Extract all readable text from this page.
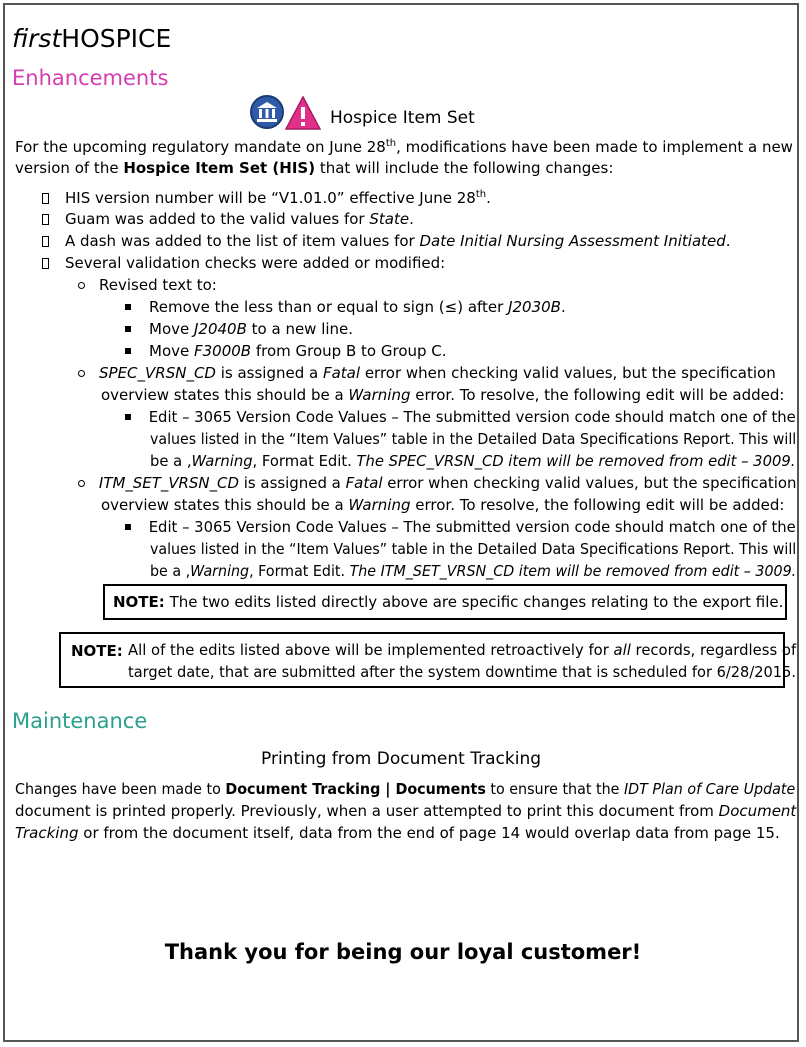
firstHOSPICE
Enhancements
Hospice Item Set
For the upcoming regulatory mandate on June 28th, modifications have been made to implement a new
version of the Hospice Item Set (HIS) that will include the following changes:
HIS version number will be “V1.01.0” effective June 28th.
Guam was added to the valid values for State.
A dash was added to the list of item values for Date Initial Nursing Assessment Initiated.
Several validation checks were added or modified:
Revised text to:
Remove the less than or equal to sign (≤) after J2030B.
Move J2040B to a new line.
Move F3000B from Group B to Group C.
SPEC_VRSN_CD is assigned a Fatal error when checking valid values, but the specification
overview states this should be a Warning error. To resolve, the following edit will be added:
Edit – 3065 Version Code Values – The submitted version code should match one of the
values listed in the “Item Values” table in the Detailed Data Specifications Report. This will
be a ,Warning, Format Edit. The SPEC_VRSN_CD item will be removed from edit – 3009.
ITM_SET_VRSN_CD is assigned a Fatal error when checking valid values, but the specification
overview states this should be a Warning error. To resolve, the following edit will be added:
Edit – 3065 Version Code Values – The submitted version code should match one of the
values listed in the “Item Values” table in the Detailed Data Specifications Report. This will
be a ,Warning, Format Edit. The ITM_SET_VRSN_CD item will be removed from edit – 3009.
NOTE: The two edits listed directly above are specific changes relating to the export file.
NOTE: All of the edits listed above will be implemented retroactively for all records, regardless of
target date, that are submitted after the system downtime that is scheduled for 6/28/2015.
Maintenance
Printing from Document Tracking
Changes have been made to Document Tracking | Documents to ensure that the IDT Plan of Care Update
document is printed properly. Previously, when a user attempted to print this document from Document
Tracking or from the document itself, data from the end of page 14 would overlap data from page 15.
Thank you for being our loyal customer!
